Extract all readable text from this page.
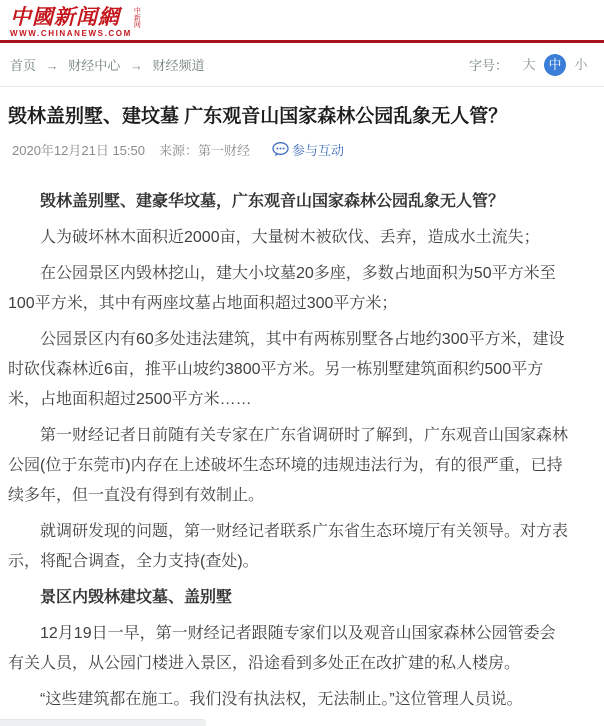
中國新闻網
WWW.CHINANEWS.COM
中新网
首页 → 财经中心 → 财经频道	字号：	大 中 小
毁林盖别墅、建坟墓 广东观音山国家森林公园乱象无人管？
2020年12月21日 15:50 来源：第一财经	参与互动

毁林盖别墅、建豪华坟墓，广东观音山国家森林公园乱象无人管？

人为破坏林木面积近2000亩，大量树木被砍伐、丢弃，造成水土流失；

在公园景区内毁林挖山，建大小坟墓20多座，多数占地面积为50平方米至100平方米，其中有两座坟墓占地面积超过300平方米；

公园景区内有60多处违法建筑，其中有两栋别墅各占地约300平方米，建设时砍伐森林近6亩，推平山坡约3800平方米。另一栋别墅建筑面积约500平方米，占地面积超过2500平方米……

第一财经记者日前随有关专家在广东省调研时了解到，广东观音山国家森林公园(位于东莞市)内存在上述破坏生态环境的违规违法行为，有的很严重，已持续多年，但一直没有得到有效制止。

就调研发现的问题，第一财经记者联系广东省生态环境厅有关领导。对方表示，将配合调查，全力支持(查处)。

景区内毁林建坟墓、盖别墅

12月19日一早，第一财经记者跟随专家们以及观音山国家森林公园管委会有关人员，从公园门楼进入景区，沿途看到多处正在改扩建的私人楼房。

“这些建筑都在施工。我们没有执法权，无法制止。”这位管理人员说。
